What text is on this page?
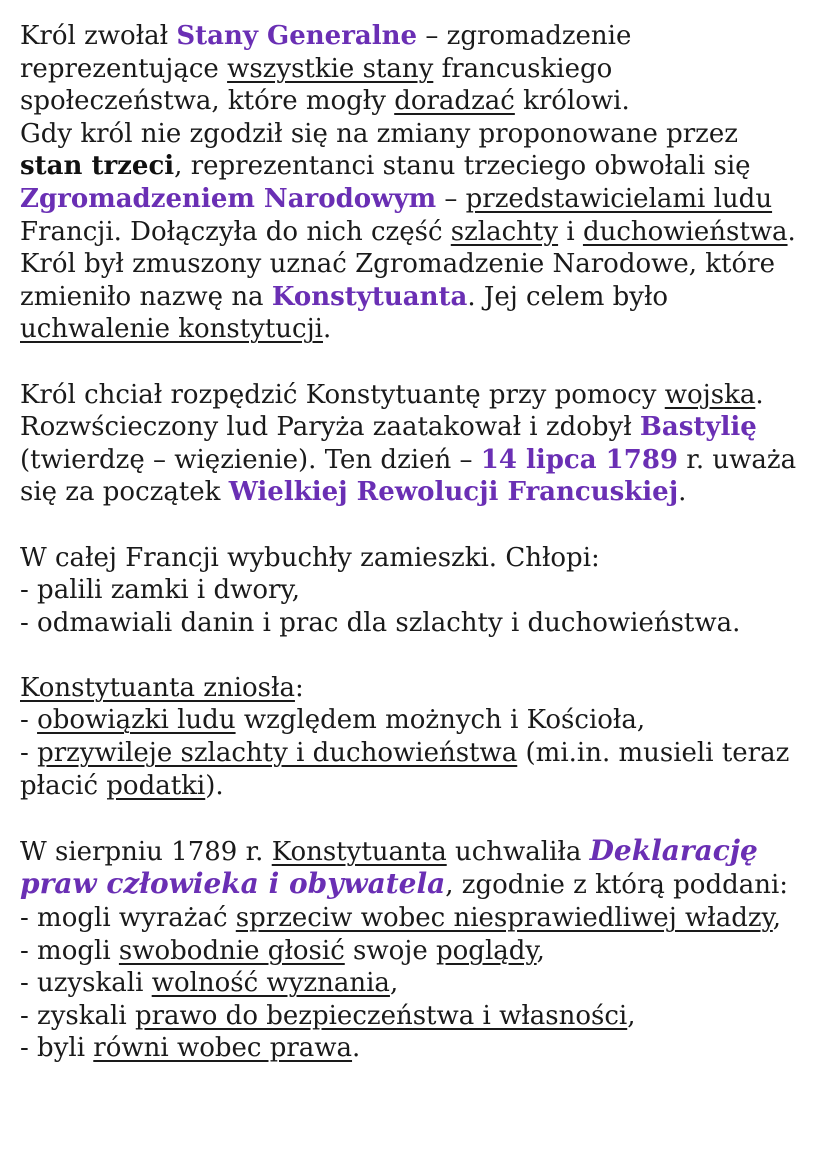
Król zwołał Stany Generalne – zgromadzenie reprezentujące wszystkie stany francuskiego społeczeństwa, które mogły doradzać królowi.

Gdy król nie zgodził się na zmiany proponowane przez stan trzeci, reprezentanci stanu trzeciego obwołali się Zgromadzeniem Narodowym – przedstawicielami ludu Francji. Dołączyła do nich część szlachty i duchowieństwa. Król był zmuszony uznać Zgromadzenie Narodowe, które zmieniło nazwę na Konstytuanta. Jej celem było uchwalenie konstytucji.

Król chciał rozpędzić Konstytuantę przy pomocy wojska. Rozwścieczony lud Paryża zaatakował i zdobył Bastylię (twierdzę – więzienie). Ten dzień – 14 lipca 1789 r. uważa się za początek Wielkiej Rewolucji Francuskiej.

W całej Francji wybuchły zamieszki. Chłopi:

- palili zamki i dwory,

- odmawiali danin i prac dla szlachty i duchowieństwa.

Konstytuanta zniosła:

- obowiązki ludu względem możnych i Kościoła,

- przywileje szlachty i duchowieństwa (mi.in. musieli teraz płacić podatki).

W sierpniu 1789 r. Konstytuanta uchwaliła Deklarację praw człowieka i obywatela, zgodnie z którą poddani:

- mogli wyrażać sprzeciw wobec niesprawiedliwej władzy,

- mogli swobodnie głosić swoje poglądy,

- uzyskali wolność wyznania,

- zyskali prawo do bezpieczeństwa i własności,

- byli równi wobec prawa.
